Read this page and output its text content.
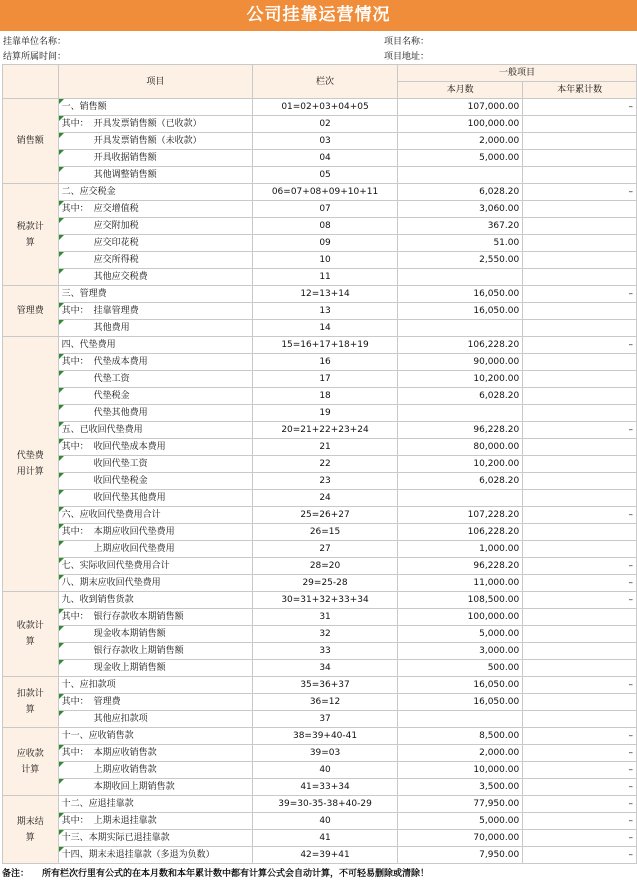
公司挂靠运营情况
挂靠单位名称：
结算所属时间：
项目名称：
项目地址：
	项目	栏次	一般项目	
			本月数	本年累计数
销售额	一、销售额	01=02+03+04+05	107,000.00	–
	其中： 开具发票销售额（已收款）	02	100,000.00	
	开具发票销售额（未收款）	03	2,000.00	
	开具收据销售额	04	5,000.00	
	其他调整销售额	05		
税款计算	二、应交税金	06=07+08+09+10+11	6,028.20	–
	其中： 应交增值税	07	3,060.00	
	应交附加税	08	367.20	
	应交印花税	09	51.00	
	应交所得税	10	2,550.00	
	其他应交税费	11		
管理费	三、管理费	12=13+14	16,050.00	–
	其中： 挂靠管理费	13	16,050.00	
	其他费用	14		
代垫费用计算	四、代垫费用	15=16+17+18+19	106,228.20	–
	其中： 代垫成本费用	16	90,000.00	
	代垫工资	17	10,200.00	
	代垫税金	18	6,028.20	
	代垫其他费用	19		
	五、已收回代垫费用	20=21+22+23+24	96,228.20	–
	其中： 收回代垫成本费用	21	80,000.00	
	收回代垫工资	22	10,200.00	
	收回代垫税金	23	6,028.20	
	收回代垫其他费用	24		
	六、应收回代垫费用合计	25=26+27	107,228.20	–
	其中： 本期应收回代垫费用	26=15	106,228.20	
	上期应收回代垫费用	27	1,000.00	
	七、实际收回代垫费用合计	28=20	96,228.20	–
	八、期末应收回代垫费用	29=25-28	11,000.00	–
收款计算	九、收到销售货款	30=31+32+33+34	108,500.00	–
	其中： 银行存款收本期销售额	31	100,000.00	
	现金收本期销售额	32	5,000.00	
	银行存款收上期销售额	33	3,000.00	
	现金收上期销售额	34	500.00	
扣款计算	十、应扣款项	35=36+37	16,050.00	–
	其中： 管理费	36=12	16,050.00	
	其他应扣款项	37		
应收款计算	十一、应收销售款	38=39+40-41	8,500.00	–
	其中： 本期应收销售款	39=03	2,000.00	–
	上期应收销售款	40	10,000.00	–
	本期收回上期销售款	41=33+34	3,500.00	–
期末结算	十二、应退挂靠款	39=30-35-38+40-29	77,950.00	–
	其中： 上期未退挂靠款	40	5,000.00	–
	十三、本期实际已退挂靠款	41	70,000.00	–
	十四、期末未退挂靠款（多退为负数）	42=39+41	7,950.00	–
备注： 所有栏次行里有公式的在本月数和本年累计数中都有计算公式会自动计算，不可轻易删除或清除！
